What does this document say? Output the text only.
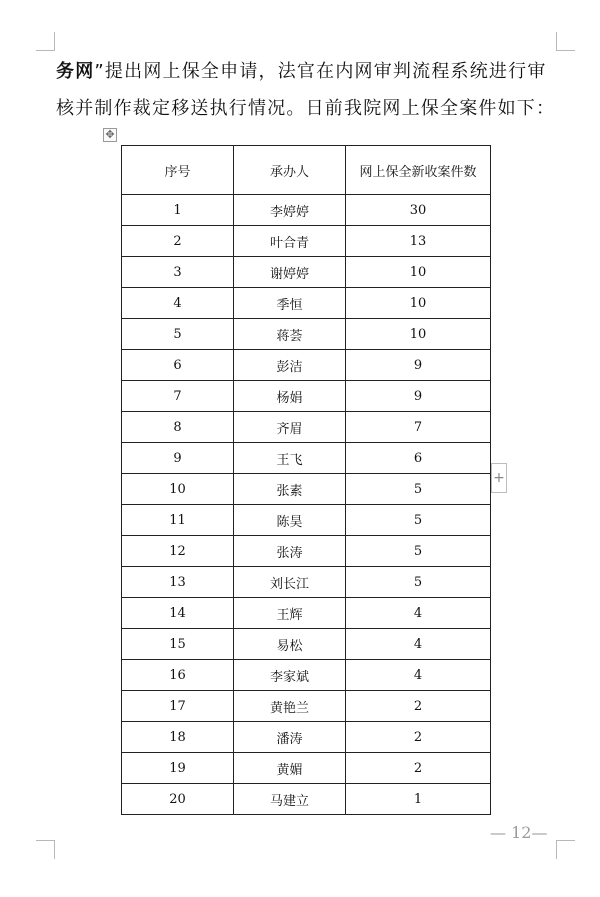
务网”提出网上保全申请，法官在内网审判流程系统进行审
核并制作裁定移送执行情况。日前我院网上保全案件如下：
✥
序号	承办人	网上保全新收案件数
1	李婷婷	30
2	叶合青	13
3	谢婷婷	10
4	季恒	10
5	蒋荟	10
6	彭洁	9
7	杨娟	9
8	齐眉	7
9	王飞	6
10	张素	5
11	陈昊	5
12	张涛	5
13	刘长江	5
14	王辉	4
15	易松	4
16	李家斌	4
17	黄艳兰	2
18	潘涛	2
19	黄媚	2
20	马建立	1
+
— 12—
